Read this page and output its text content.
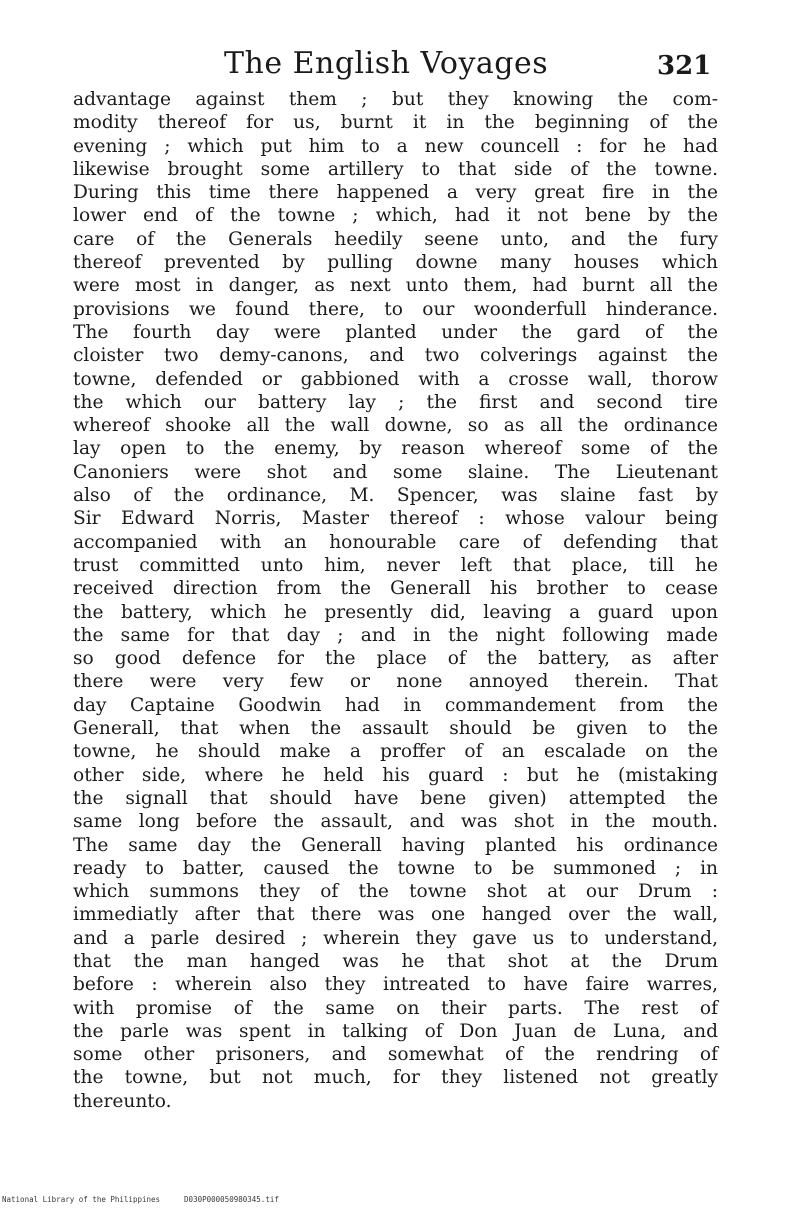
The English Voyages	321
advantage against them ; but they knowing the com-
modity thereof for us, burnt it in the beginning of the
evening ; which put him to a new councell : for he had
likewise brought some artillery to that side of the towne.
During this time there happened a very great fire in the
lower end of the towne ; which, had it not bene by the
care of the Generals heedily seene unto, and the fury
thereof prevented by pulling downe many houses which
were most in danger, as next unto them, had burnt all the
provisions we found there, to our woonderfull hinderance.
The fourth day were planted under the gard of the
cloister two demy-canons, and two colverings against the
towne, defended or gabbioned with a crosse wall, thorow
the which our battery lay ; the first and second tire
whereof shooke all the wall downe, so as all the ordinance
lay open to the enemy, by reason whereof some of the
Canoniers were shot and some slaine. The Lieutenant
also of the ordinance, M. Spencer, was slaine fast by
Sir Edward Norris, Master thereof : whose valour being
accompanied with an honourable care of defending that
trust committed unto him, never left that place, till he
received direction from the Generall his brother to cease
the battery, which he presently did, leaving a guard upon
the same for that day ; and in the night following made
so good defence for the place of the battery, as after
there were very few or none annoyed therein. That
day Captaine Goodwin had in commandement from the
Generall, that when the assault should be given to the
towne, he should make a proffer of an escalade on the
other side, where he held his guard : but he (mistaking
the signall that should have bene given) attempted the
same long before the assault, and was shot in the mouth.
The same day the Generall having planted his ordinance
ready to batter, caused the towne to be summoned ; in
which summons they of the towne shot at our Drum :
immediatly after that there was one hanged over the wall,
and a parle desired ; wherein they gave us to understand,
that the man hanged was he that shot at the Drum
before : wherein also they intreated to have faire warres,
with promise of the same on their parts. The rest of
the parle was spent in talking of Don Juan de Luna, and
some other prisoners, and somewhat of the rendring of
the towne, but not much, for they listened not greatly
thereunto.
National Library of the Philippines	D030P000050980345.tif
